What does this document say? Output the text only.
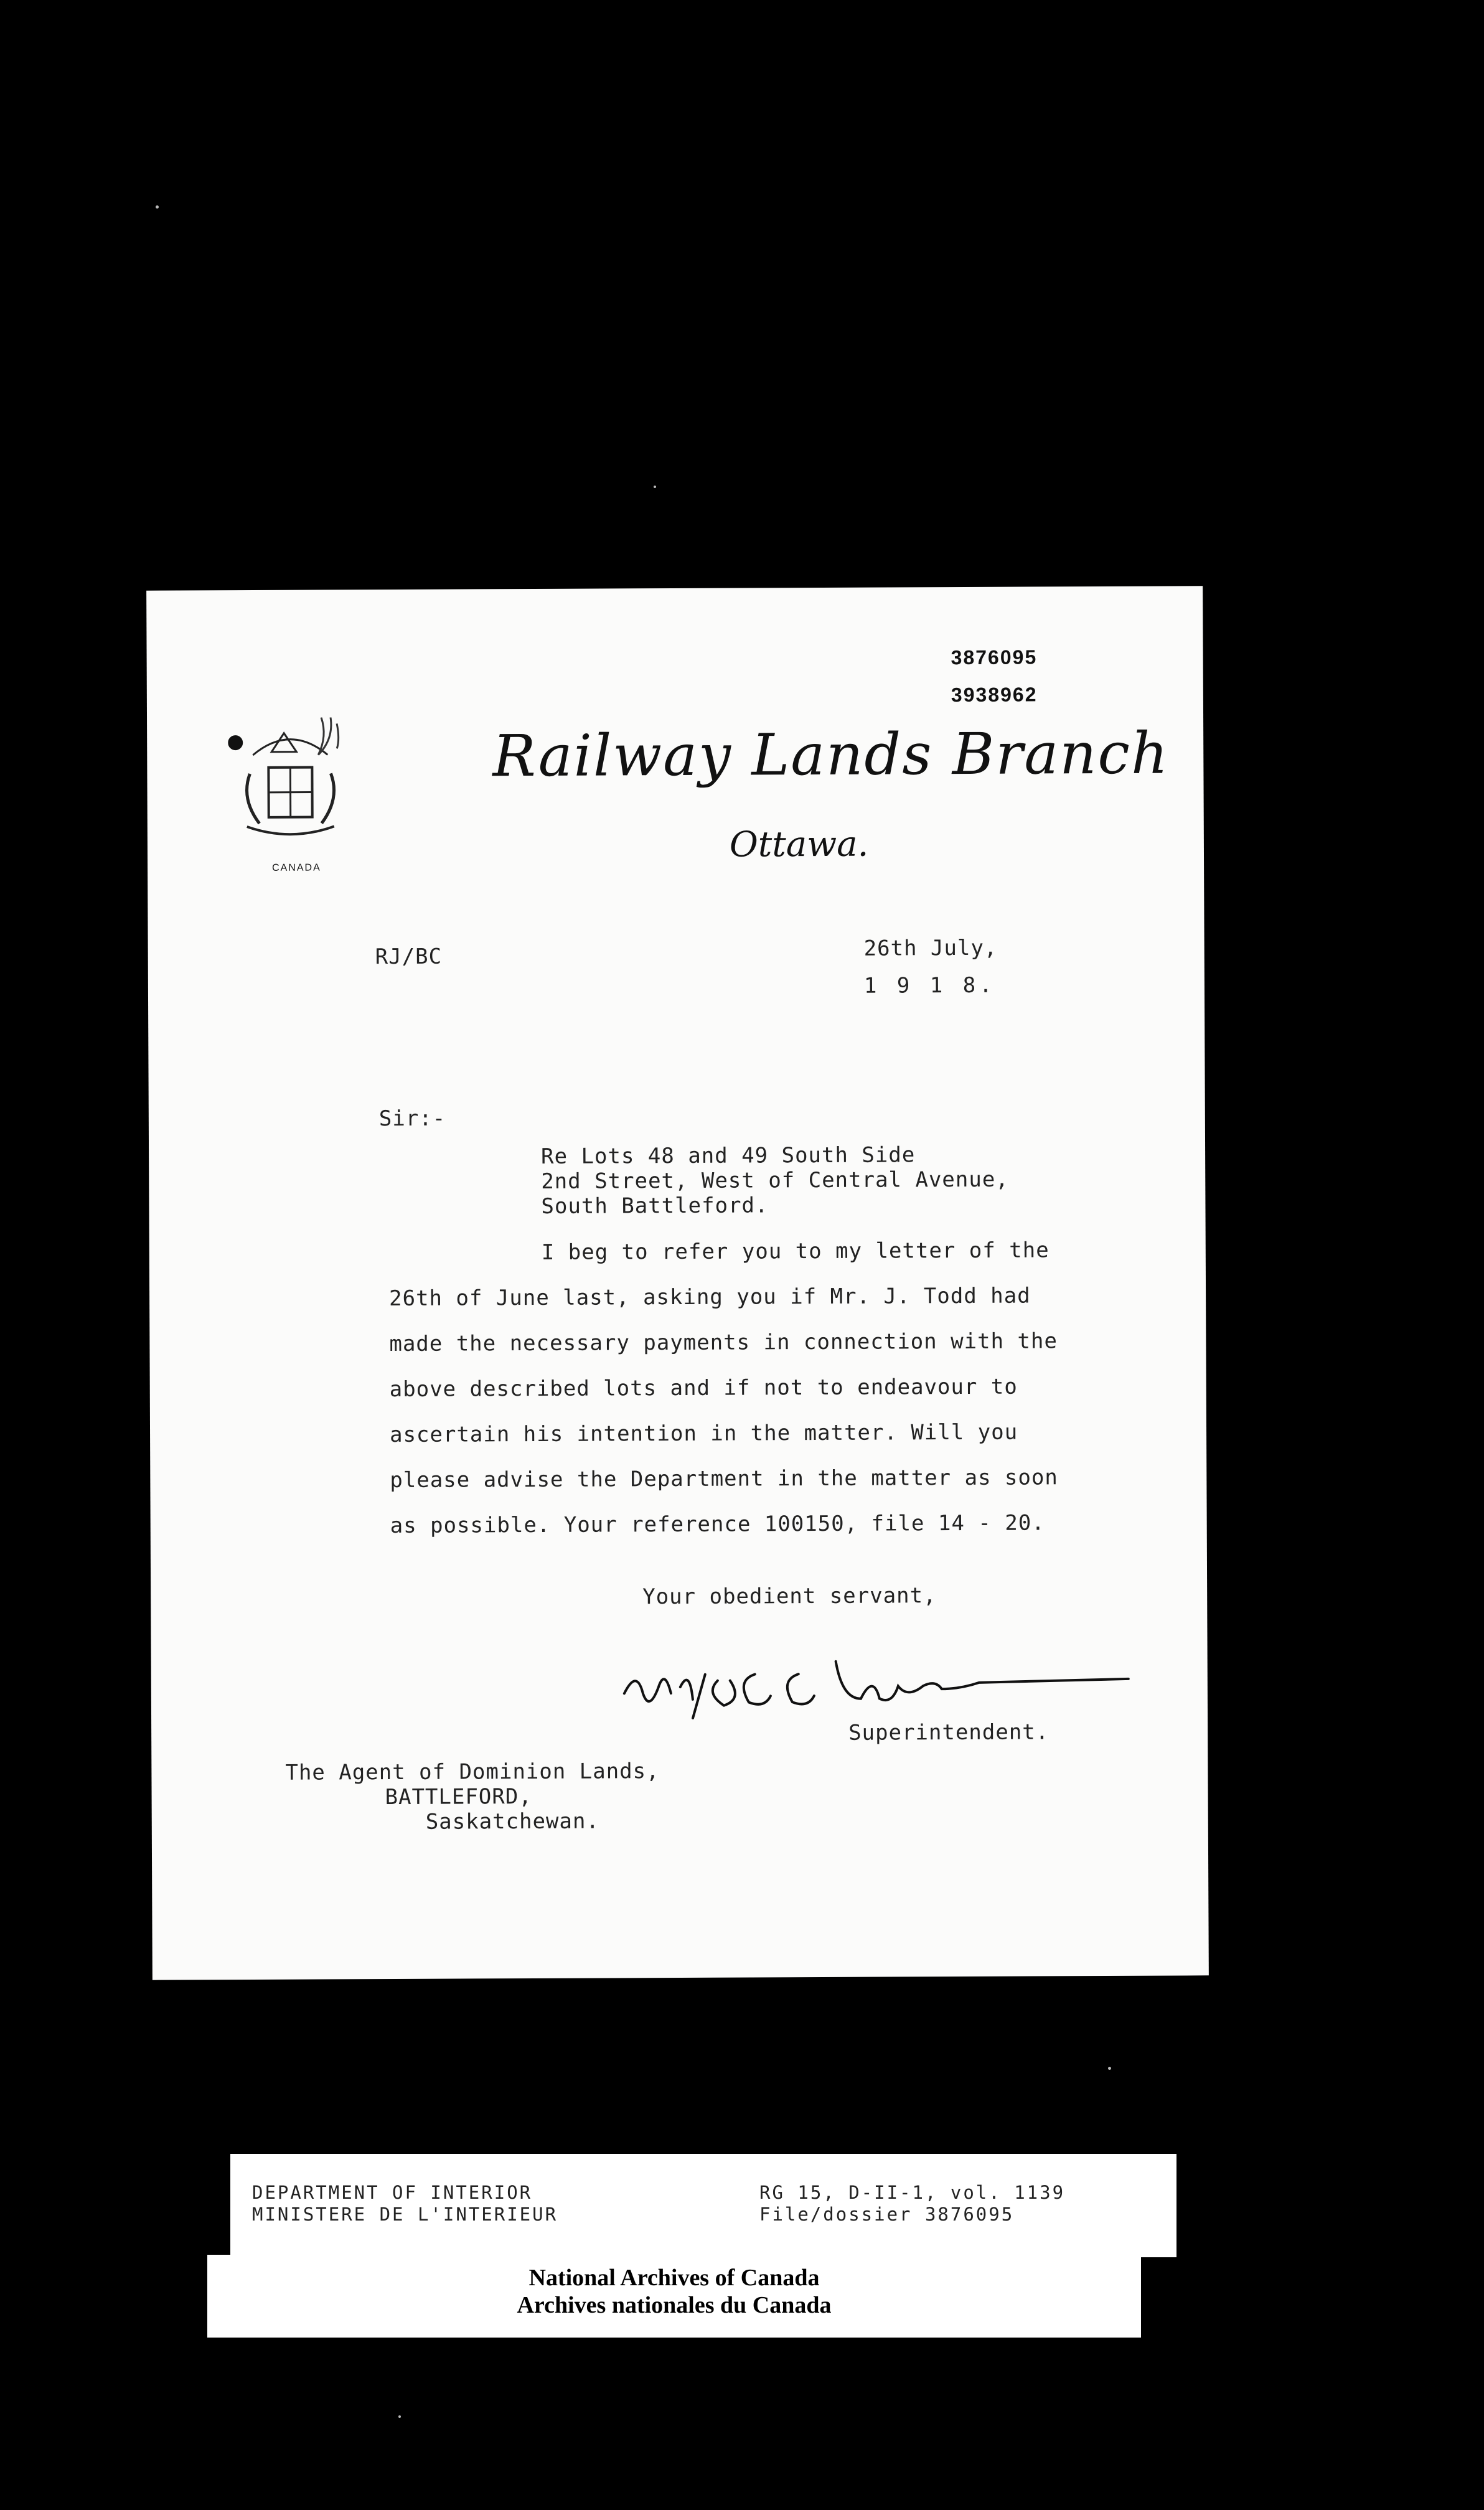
3876095
3938962
CANADA
Railway Lands Branch
Ottawa.
RJ/BC	26th July,
1 9 1 8.
Sir:-
Re Lots 48 and 49 South Side
2nd Street, West of Central Avenue,
South Battleford.
I beg to refer you to my letter of the 26th of June last, asking you if Mr. J. Todd had made the necessary payments in connection with the above described lots and if not to endeavour to ascertain his intention in the matter. Will you please advise the Department in the matter as soon as possible. Your reference 100150, file 14 - 20.
Your obedient servant,
Superintendent.
The Agent of Dominion Lands,
BATTLEFORD,
Saskatchewan.
DEPARTMENT OF INTERIOR
MINISTERE DE L'INTERIEUR
RG 15, D-II-1, vol. 1139
File/dossier 3876095
National Archives of Canada
Archives nationales du Canada
